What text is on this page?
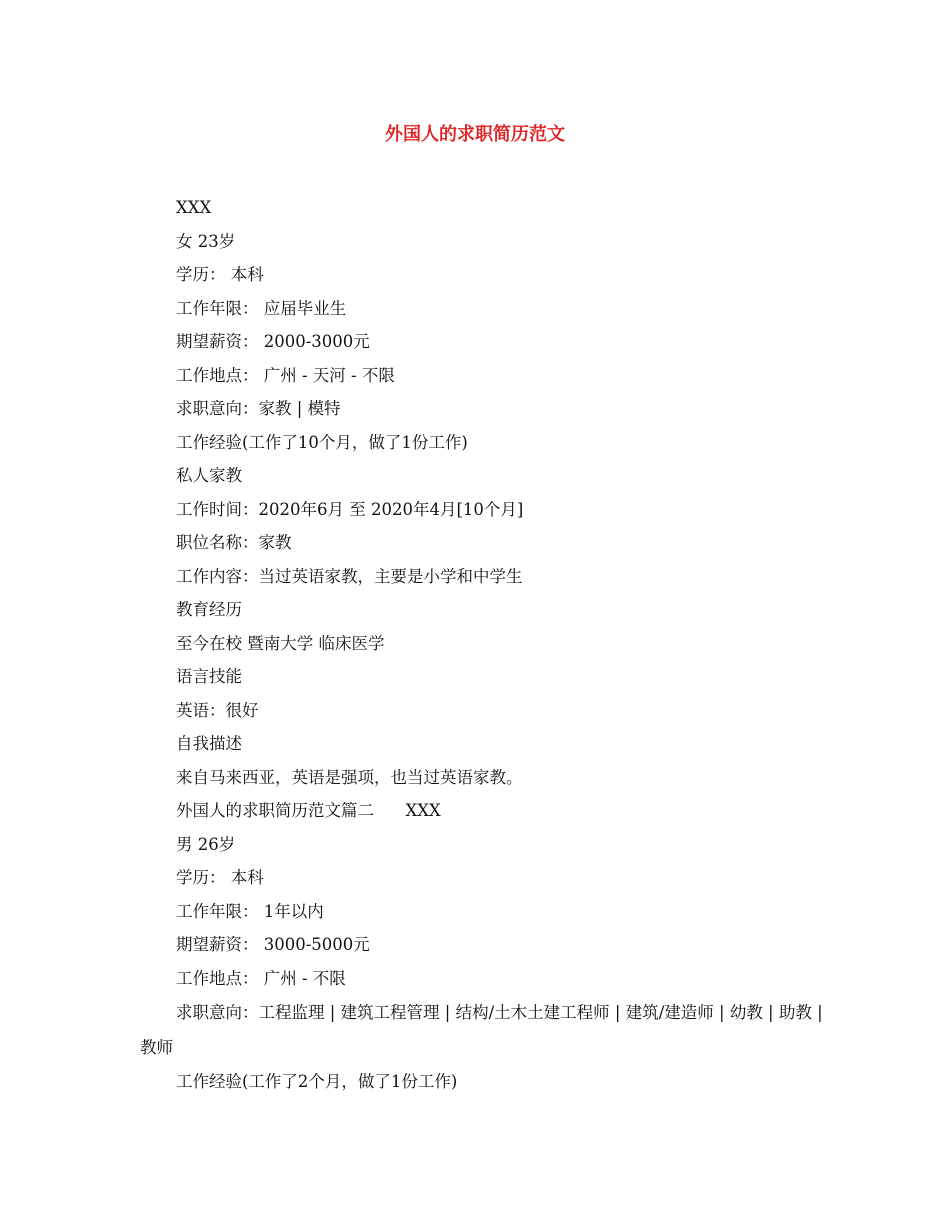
外国人的求职简历范文
XXX
女 23岁
学历： 本科
工作年限： 应届毕业生
期望薪资： 2000-3000元
工作地点： 广州 - 天河 - 不限
求职意向：家教 | 模特
工作经验(工作了10个月，做了1份工作)
私人家教
工作时间：2020年6月 至 2020年4月[10个月]
职位名称：家教
工作内容：当过英语家教，主要是小学和中学生
教育经历
至今在校 暨南大学 临床医学
语言技能
英语：很好
自我描述
来自马来西亚，英语是强项，也当过英语家教。
外国人的求职简历范文篇二      XXX
男 26岁
学历： 本科
工作年限： 1年以内
期望薪资： 3000-5000元
工作地点： 广州 - 不限
求职意向：工程监理 | 建筑工程管理 | 结构/土木土建工程师 | 建筑/建造师 | 幼教 | 助教 | 教师
工作经验(工作了2个月，做了1份工作)
